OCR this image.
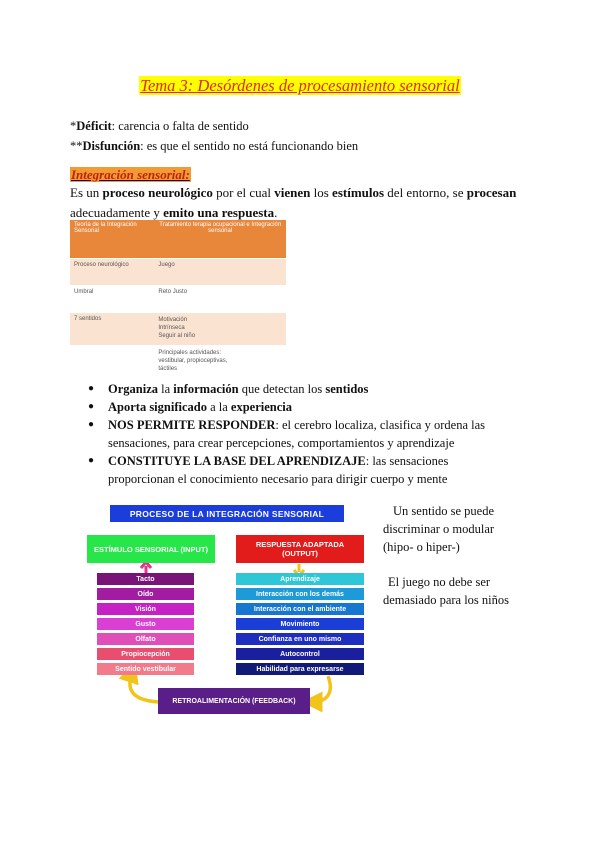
Tema 3: Desórdenes de procesamiento sensorial
*Déficit: carencia o falta de sentido
**Disfunción: es que el sentido no está funcionando bien
Integración sensorial:
Es un proceso neurológico por el cual vienen los estímulos del entorno, se procesan adecuadamente y emito una respuesta.
Teoría de la Integración Sensorial	Tratamiento terapia ocupacional e Integración sensorial
Proceso neurológico	Juego
Umbral	Reto Justo
7 sentidos	Motivación
Intrínseca
Seguir al niño

	Principales actividades:
vestibular, propioceptivas,
táctiles
● Organiza la información que detectan los sentidos
● Aporta significado a la experiencia
● NOS PERMITE RESPONDER: el cerebro localiza, clasifica y ordena las sensaciones, para crear percepciones, comportamientos y aprendizaje
● CONSTITUYE LA BASE DEL APRENDIZAJE: las sensaciones proporcionan el conocimiento necesario para dirigir cuerpo y mente
PROCESO DE LA INTEGRACIÓN SENSORIAL
ESTÍMULO SENSORIAL (INPUT)	RESPUESTA ADAPTADA
(OUTPUT)
Tacto
Oído
Visión
Gusto
Olfato
Propiocepción
Sentido vestibular
Aprendizaje
Interacción con los demás
Interacción con el ambiente
Movimiento
Confianza en uno mismo
Autocontrol
Habilidad para expresarse
RETROALIMENTACIÓN (FEEDBACK)
Un sentido se puede
discriminar o modular
(hipo- o hiper-)
El juego no debe ser
demasiado para los niños
